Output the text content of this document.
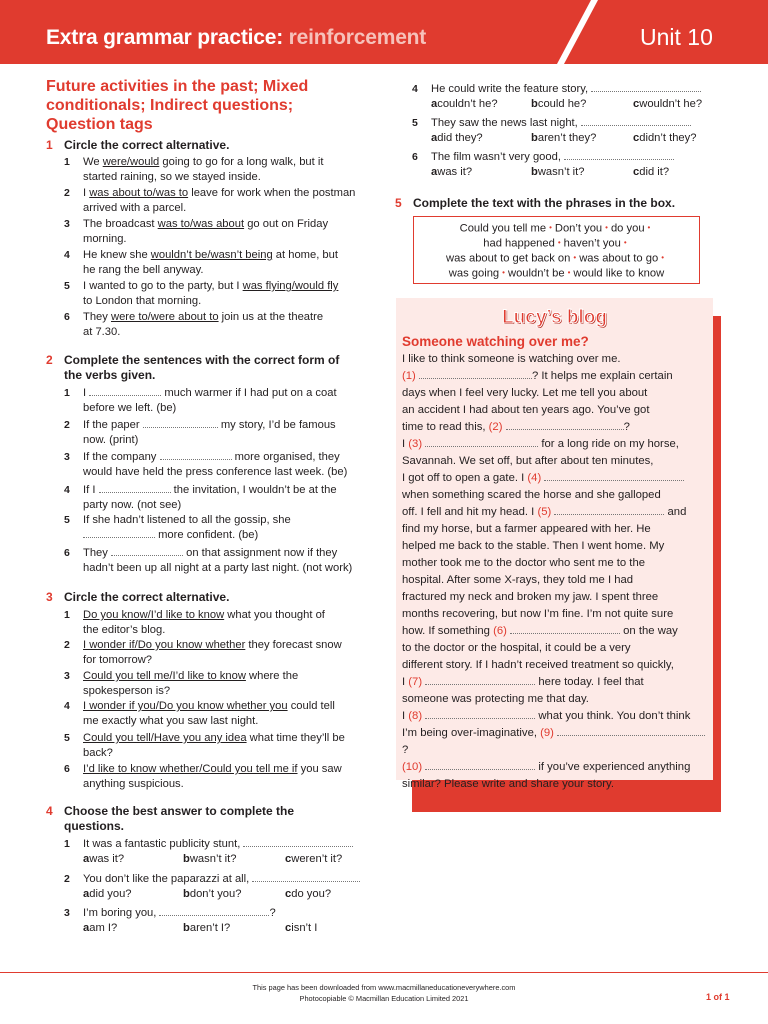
Extra grammar practice: reinforcement	Unit 10
Future activities in the past; Mixed
conditionals; Indirect questions;
Question tags
1 Circle the correct alternative.
2 Complete the sentences with the correct form of
the verbs given.
3 Circle the correct alternative.
4 Choose the best answer to complete the
questions.
5 Complete the text with the phrases in the box.
Could you tell me • Don’t you • do you •
had happened • haven’t you •
was about to get back on • was about to go •
was going • wouldn’t be • would like to know
Lucy’s blog
Someone watching over me?
I like to think someone is watching over me.
(1)	? It helps me explain certain
days when I feel very lucky. Let me tell you about
an accident I had about ten years ago. You’ve got
time to read this, (2)	?
I (3)	for a long ride on my horse,
Savannah. We set off, but after about ten minutes,
I got off to open a gate. I (4)
when something scared the horse and she galloped
off. I fell and hit my head. I (5)	and
find my horse, but a farmer appeared with her. He
helped me back to the stable. Then I went home. My
mother took me to the doctor who sent me to the
hospital. After some X-rays, they told me I had
fractured my neck and broken my jaw. I spent three
months recovering, but now I’m fine. I’m not quite sure
how. If something (6)	on the way
to the doctor or the hospital, it could be a very
different story. If I hadn’t received treatment so quickly,
I (7)	here today. I feel that
someone was protecting me that day.
I (8)	what you think. You don’t think
I’m being over-imaginative, (9) ?
(10)	if you’ve experienced anything
similar? Please write and share your story.
This page has been downloaded from www.macmillaneducationeverywhere.com
Photocopiable © Macmillan Education Limited 2021	1 of 1
1 We were/would going to go for a long walk, but it
started raining, so we stayed inside.
2 I was about to/was to leave for work when the postman
arrived with a parcel.
3 The broadcast was to/was about go out on Friday
morning.
4 He knew she wouldn’t be/wasn’t being at home, but
he rang the bell anyway.
5 I wanted to go to the party, but I was flying/would fly
to London that morning.
6 They were to/were about to join us at the theatre
at 7.30.
1 I	much warmer if I had put on a coat
before we left. (be)
2 If the paper	my story, I’d be famous
now. (print)
3 If the company	more organised, they
would have held the press conference last week. (be)
4 If I	the invitation, I wouldn’t be at the
party now. (not see)
5 If she hadn’t listened to all the gossip, she
more confident. (be)
6 They	on that assignment now if they
hadn’t been up all night at a party last night. (not work)
1 Do you know/I’d like to know what you thought of
the editor’s blog.
2 I wonder if/Do you know whether they forecast snow
for tomorrow?
3 Could you tell me/I’d like to know where the
spokesperson is?
4 I wonder if you/Do you know whether you could tell
me exactly what you saw last night.
5 Could you tell/Have you any idea what time they’ll be
back?
6 I’d like to know whether/Could you tell me if you saw
anything suspicious.
1 It was a fantastic publicity stunt,
awas it?	bwasn’t it?	cweren’t it?
2 You don’t like the paparazzi at all,
adid you?	bdon’t you?	cdo you?
3 I’m boring you,	?
aam I?	baren’t I?	cisn’t I
4 He could write the feature story,
acouldn’t he?	bcould he?	cwouldn’t he?
5 They saw the news last night,
adid they?	baren’t they?	cdidn’t they?
6 The film wasn’t very good,
awas it?	bwasn’t it?	cdid it?
